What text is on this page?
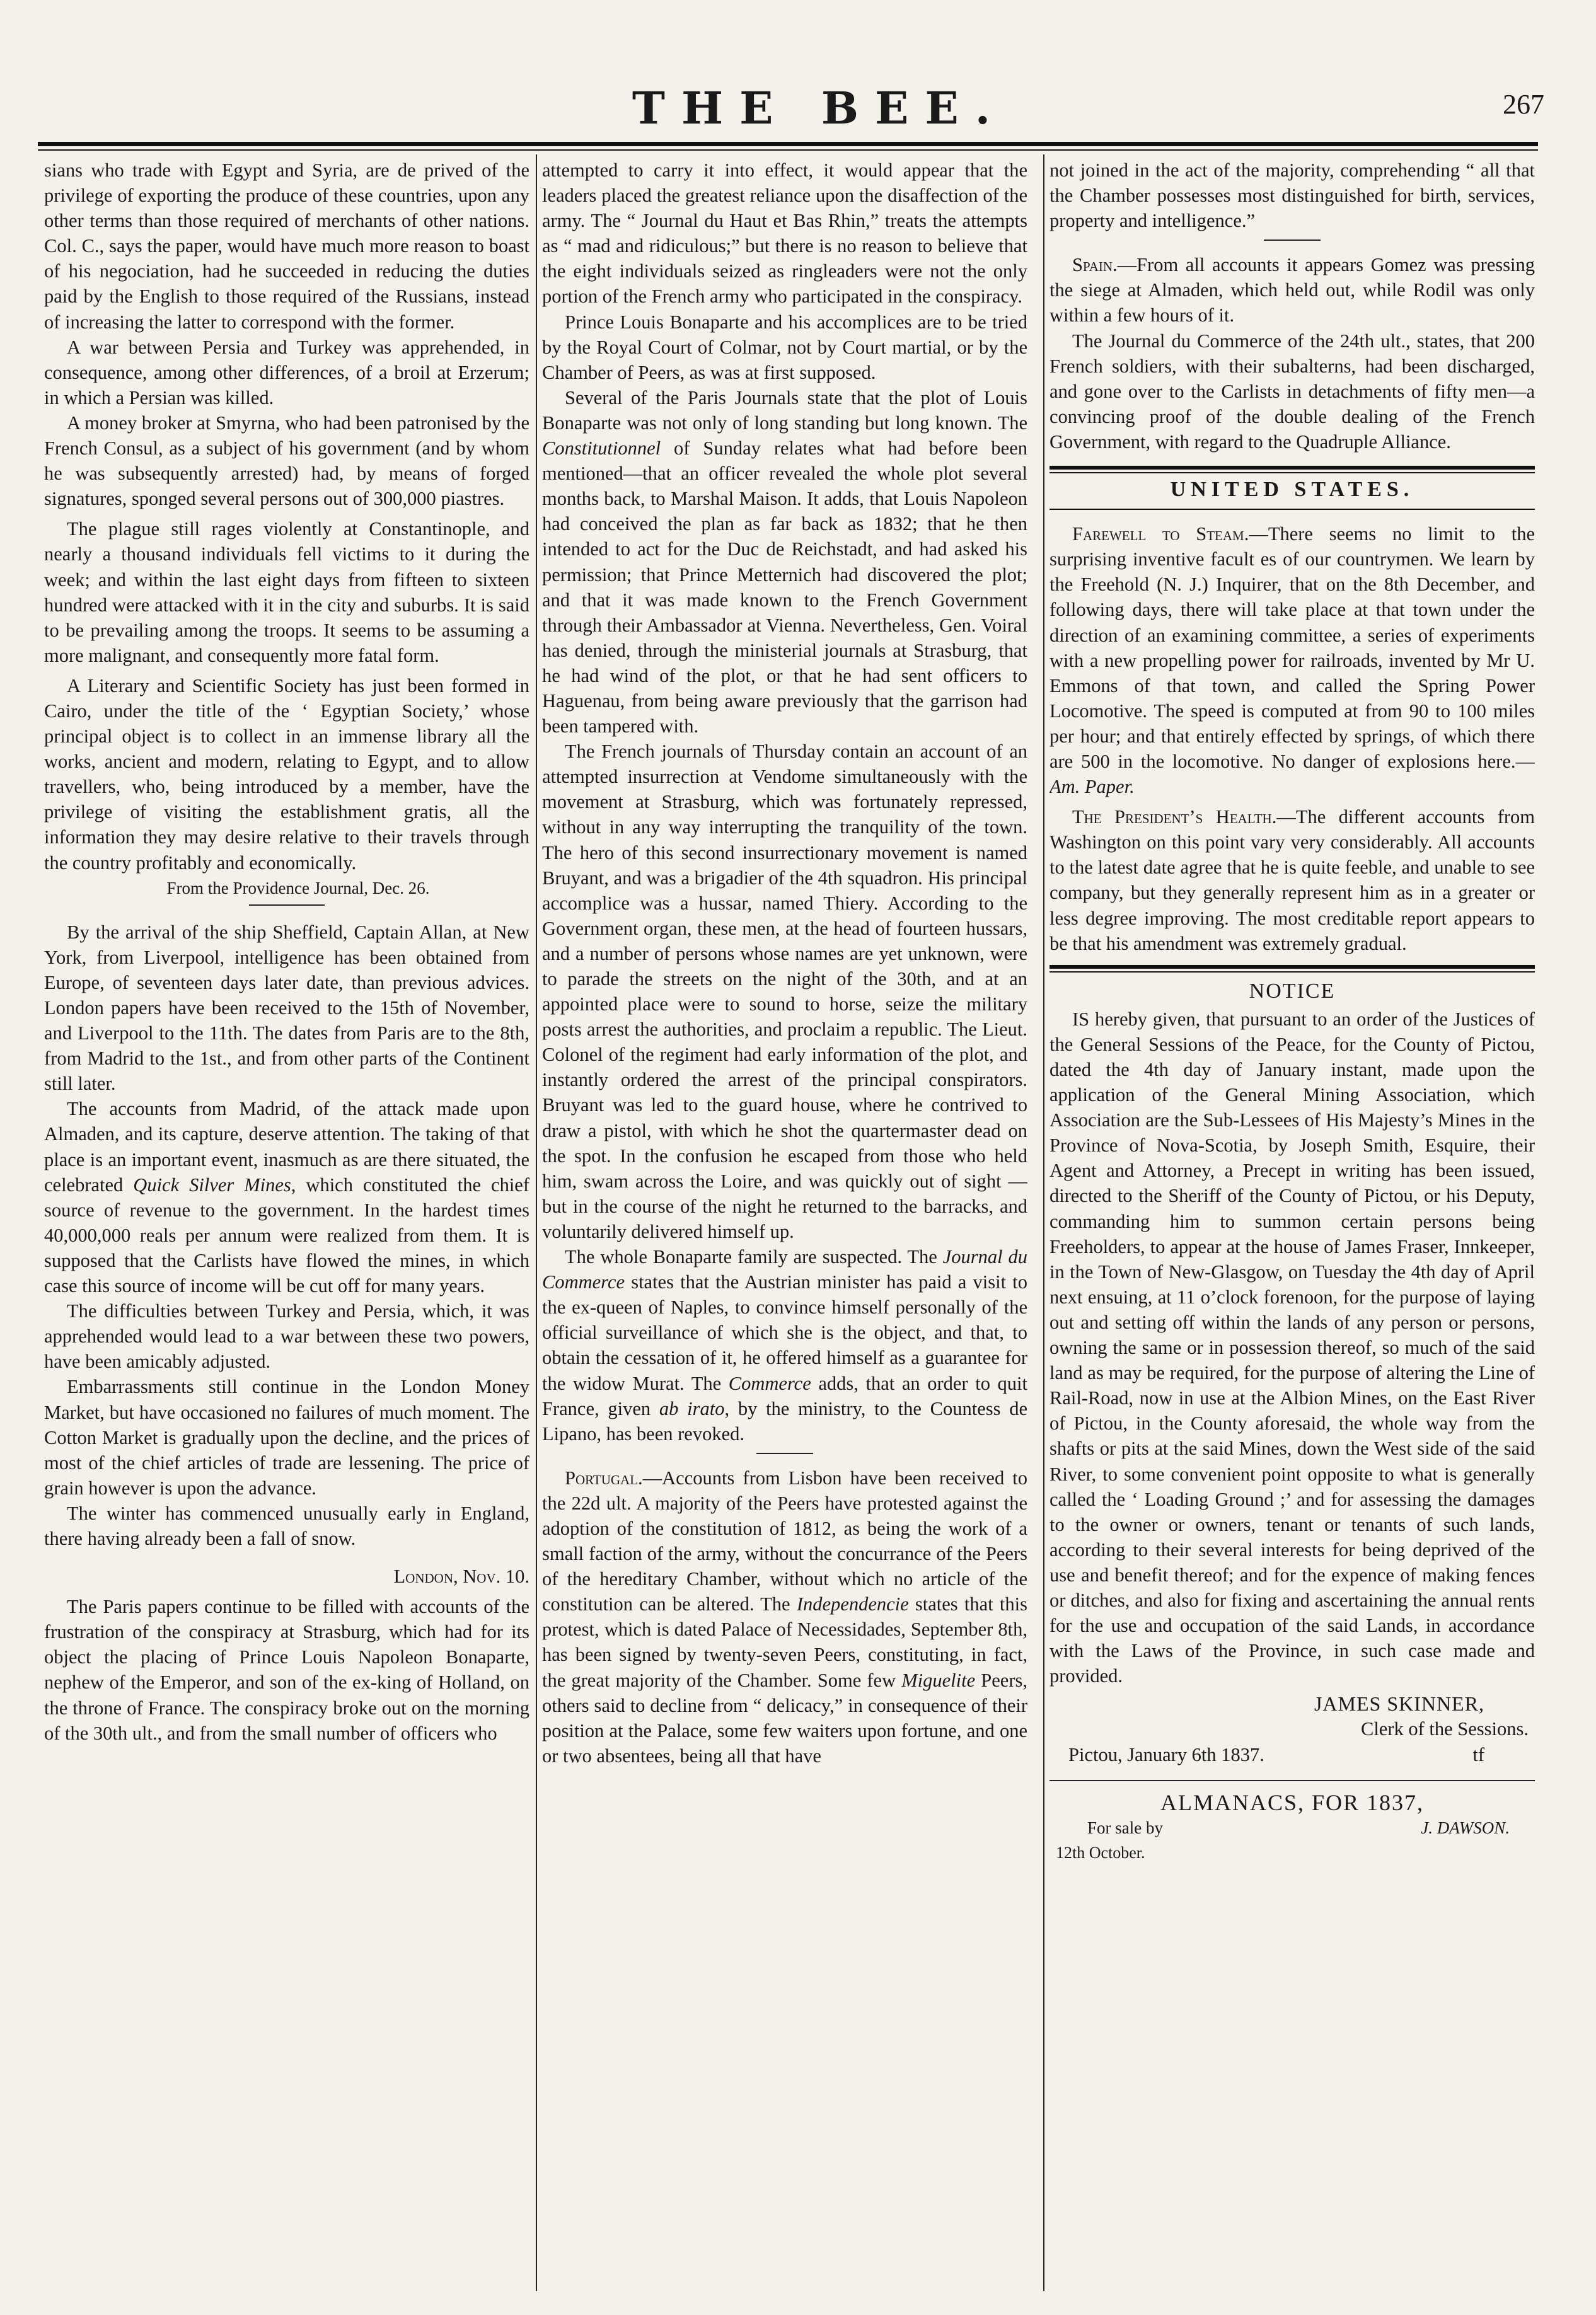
THE BEE.	267

sians who trade with Egypt and Syria, are de prived of the privilege of exporting the produce of these countries, upon any other terms than those required of merchants of other nations. Col. C., says the paper, would have much more reason to boast of his negociation, had he succeeded in reducing the duties paid by the English to those required of the Russians, instead of increasing the latter to correspond with the former.

A war between Persia and Turkey was apprehended, in consequence, among other differences, of a broil at Erzerum; in which a Persian was killed.

A money broker at Smyrna, who had been patronised by the French Consul, as a subject of his government (and by whom he was subsequently arrested) had, by means of forged signatures, sponged several persons out of 300,000 piastres.

The plague still rages violently at Constantinople, and nearly a thousand individuals fell victims to it during the week; and within the last eight days from fifteen to sixteen hundred were attacked with it in the city and suburbs. It is said to be prevailing among the troops. It seems to be assuming a more malignant, and consequently more fatal form.

A Literary and Scientific Society has just been formed in Cairo, under the title of the ‘ Egyptian Society,’ whose principal object is to collect in an immense library all the works, ancient and modern, relating to Egypt, and to allow travellers, who, being introduced by a member, have the privilege of visiting the establishment gratis, all the information they may desire relative to their travels through the country profitably and economically.

From the Providence Journal, Dec. 26.

By the arrival of the ship Sheffield, Captain Allan, at New York, from Liverpool, intelligence has been obtained from Europe, of seventeen days later date, than previous advices. London papers have been received to the 15th of November, and Liverpool to the 11th. The dates from Paris are to the 8th, from Madrid to the 1st., and from other parts of the Continent still later.

The accounts from Madrid, of the attack made upon Almaden, and its capture, deserve attention. The taking of that place is an important event, inasmuch as are there situated, the celebrated Quick Silver Mines, which constituted the chief source of revenue to the government. In the hardest times 40,000,000 reals per annum were realized from them. It is supposed that the Carlists have flowed the mines, in which case this source of income will be cut off for many years.

The difficulties between Turkey and Persia, which, it was apprehended would lead to a war between these two powers, have been amicably adjusted.

Embarrassments still continue in the London Money Market, but have occasioned no failures of much moment. The Cotton Market is gradually upon the decline, and the prices of most of the chief articles of trade are lessening. The price of grain however is upon the advance.

The winter has commenced unusually early in England, there having already been a fall of snow.

London, Nov. 10.

The Paris papers continue to be filled with accounts of the frustration of the conspiracy at Strasburg, which had for its object the placing of Prince Louis Napoleon Bonaparte, nephew of the Emperor, and son of the ex-king of Holland, on the throne of France. The conspiracy broke out on the morning of the 30th ult., and from the small number of officers who

attempted to carry it into effect, it would appear that the leaders placed the greatest reliance upon the disaffection of the army. The “ Journal du Haut et Bas Rhin,” treats the attempts as “ mad and ridiculous;” but there is no reason to believe that the eight individuals seized as ringleaders were not the only portion of the French army who participated in the conspiracy.

Prince Louis Bonaparte and his accomplices are to be tried by the Royal Court of Colmar, not by Court martial, or by the Chamber of Peers, as was at first supposed.

Several of the Paris Journals state that the plot of Louis Bonaparte was not only of long standing but long known. The Constitutionnel of Sunday relates what had before been mentioned—that an officer revealed the whole plot several months back, to Marshal Maison. It adds, that Louis Napoleon had conceived the plan as far back as 1832; that he then intended to act for the Duc de Reichstadt, and had asked his permission; that Prince Metternich had discovered the plot; and that it was made known to the French Government through their Ambassador at Vienna. Nevertheless, Gen. Voiral has denied, through the ministerial journals at Strasburg, that he had wind of the plot, or that he had sent officers to Haguenau, from being aware previously that the garrison had been tampered with.

The French journals of Thursday contain an account of an attempted insurrection at Vendome simultaneously with the movement at Strasburg, which was fortunately repressed, without in any way interrupting the tranquility of the town. The hero of this second insurrectionary movement is named Bruyant, and was a brigadier of the 4th squadron. His principal accomplice was a hussar, named Thiery. According to the Government organ, these men, at the head of fourteen hussars, and a number of persons whose names are yet unknown, were to parade the streets on the night of the 30th, and at an appointed place were to sound to horse, seize the military posts arrest the authorities, and proclaim a republic. The Lieut. Colonel of the regiment had early information of the plot, and instantly ordered the arrest of the principal conspirators. Bruyant was led to the guard house, where he contrived to draw a pistol, with which he shot the quartermaster dead on the spot. In the confusion he escaped from those who held him, swam across the Loire, and was quickly out of sight —but in the course of the night he returned to the barracks, and voluntarily delivered himself up.

The whole Bonaparte family are suspected. The Journal du Commerce states that the Austrian minister has paid a visit to the ex-queen of Naples, to convince himself personally of the official surveillance of which she is the object, and that, to obtain the cessation of it, he offered himself as a guarantee for the widow Murat. The Commerce adds, that an order to quit France, given ab irato, by the ministry, to the Countess de Lipano, has been revoked.

Portugal.—Accounts from Lisbon have been received to the 22d ult. A majority of the Peers have protested against the adoption of the constitution of 1812, as being the work of a small faction of the army, without the concurrance of the Peers of the hereditary Chamber, without which no article of the constitution can be altered. The Independencie states that this protest, which is dated Palace of Necessidades, September 8th, has been signed by twenty-seven Peers, constituting, in fact, the great majority of the Chamber. Some few Miguelite Peers, others said to decline from “ delicacy,” in consequence of their position at the Palace, some few waiters upon fortune, and one or two absentees, being all that have

not joined in the act of the majority, comprehending “ all that the Chamber possesses most distinguished for birth, services, property and intelligence.”

Spain.—From all accounts it appears Gomez was pressing the siege at Almaden, which held out, while Rodil was only within a few hours of it.

The Journal du Commerce of the 24th ult., states, that 200 French soldiers, with their subalterns, had been discharged, and gone over to the Carlists in detachments of fifty men—a convincing proof of the double dealing of the French Government, with regard to the Quadruple Alliance.

UNITED STATES.

Farewell to Steam.—There seems no limit to the surprising inventive facult es of our countrymen. We learn by the Freehold (N. J.) Inquirer, that on the 8th December, and following days, there will take place at that town under the direction of an examining committee, a series of experiments with a new propelling power for railroads, invented by Mr U. Emmons of that town, and called the Spring Power Locomotive. The speed is computed at from 90 to 100 miles per hour; and that entirely effected by springs, of which there are 500 in the locomotive. No danger of explosions here.—Am. Paper.

The President’s Health.—The different accounts from Washington on this point vary very considerably. All accounts to the latest date agree that he is quite feeble, and unable to see company, but they generally represent him as in a greater or less degree improving. The most creditable report appears to be that his amendment was extremely gradual.

NOTICE

IS hereby given, that pursuant to an order of the Justices of the General Sessions of the Peace, for the County of Pictou, dated the 4th day of January instant, made upon the application of the General Mining Association, which Association are the Sub-Lessees of His Majesty’s Mines in the Province of Nova-Scotia, by Joseph Smith, Esquire, their Agent and Attorney, a Precept in writing has been issued, directed to the Sheriff of the County of Pictou, or his Deputy, commanding him to summon certain persons being Freeholders, to appear at the house of James Fraser, Innkeeper, in the Town of New-Glasgow, on Tuesday the 4th day of April next ensuing, at 11 o’clock forenoon, for the purpose of laying out and setting off within the lands of any person or persons, owning the same or in possession thereof, so much of the said land as may be required, for the purpose of altering the Line of Rail-Road, now in use at the Albion Mines, on the East River of Pictou, in the County aforesaid, the whole way from the shafts or pits at the said Mines, down the West side of the said River, to some convenient point opposite to what is generally called the ‘ Loading Ground ;’ and for assessing the damages to the owner or owners, tenant or tenants of such lands, according to their several interests for being deprived of the use and benefit thereof; and for the expence of making fences or ditches, and also for fixing and ascertaining the annual rents for the use and occupation of the said Lands, in accordance with the Laws of the Province, in such case made and provided.

JAMES SKINNER,
Clerk of the Sessions.
Pictou, January 6th 1837.	tf
ALMANACS, FOR 1837,
For sale by	J. DAWSON.
12th October.
